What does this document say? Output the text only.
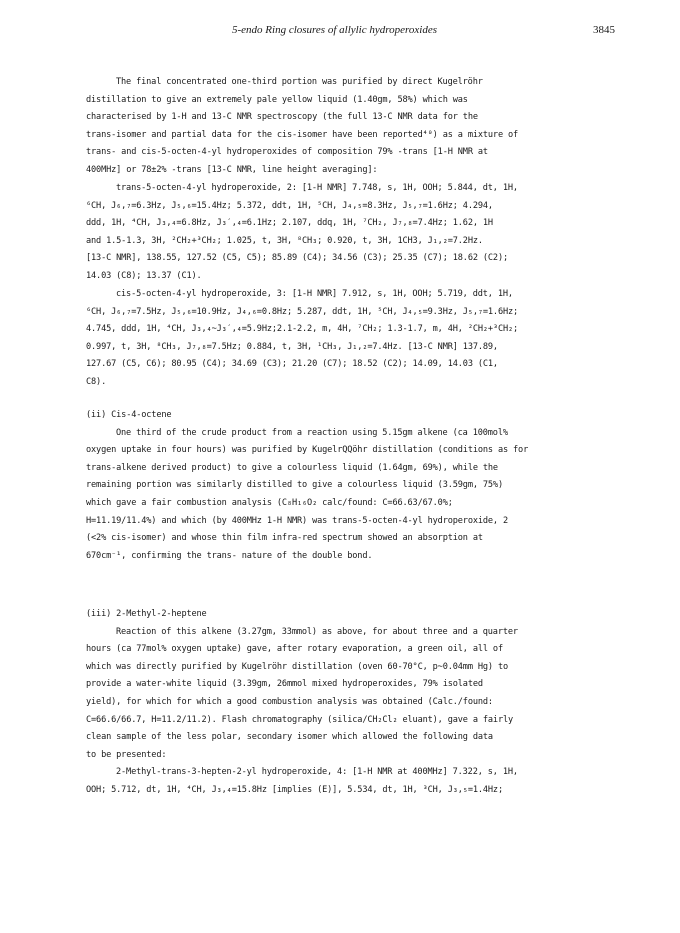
5-endo Ring closures of allylic hydroperoxides	3845
The final concentrated one-third portion was purified by direct Kugelröhr
distillation to give an extremely pale yellow liquid (1.40gm, 58%) which was
characterised by 1-H and 13-C NMR spectroscopy (the full 13-C NMR data for the
trans-isomer and partial data for the cis-isomer have been reported⁴⁰) as a mixture of
trans- and cis-5-octen-4-yl hydroperoxides of composition 79% -trans [1-H NMR at
400MHz] or 78±2% -trans [13-C NMR, line height averaging]:
trans-5-octen-4-yl hydroperoxide, 2: [1-H NMR] 7.748, s, 1H, OOH; 5.844, dt, 1H,
⁶CH, J₆,₇=6.3Hz, J₅,₆=15.4Hz; 5.372, ddt, 1H, ⁵CH, J₄,₅=8.3Hz, J₅,₇=1.6Hz; 4.294,
ddd, 1H, ⁴CH, J₃,₄=6.8Hz, J₃′,₄=6.1Hz; 2.107, ddq, 1H, ⁷CH₂, J₇,₈=7.4Hz; 1.62, 1H
and 1.5-1.3, 3H, ²CH₂+³CH₂; 1.025, t, 3H, ⁸CH₃; 0.920, t, 3H, 1CH3, J₁,₂=7.2Hz.
[13-C NMR], 138.55, 127.52 (C5, C5); 85.89 (C4); 34.56 (C3); 25.35 (C7); 18.62 (C2);
14.03 (C8); 13.37 (C1).
cis-5-octen-4-yl hydroperoxide, 3: [1-H NMR] 7.912, s, 1H, OOH; 5.719, ddt, 1H,
⁶CH, J₆,₇=7.5Hz, J₅,₆=10.9Hz, J₄,₆=0.8Hz; 5.287, ddt, 1H, ⁵CH, J₄,₅=9.3Hz, J₅,₇=1.6Hz;
4.745, ddd, 1H, ⁴CH, J₃,₄~J₃′,₄=5.9Hz;2.1-2.2, m, 4H, ⁷CH₂; 1.3-1.7, m, 4H, ²CH₂+³CH₂;
0.997, t, 3H, ⁸CH₃, J₇,₈=7.5Hz; 0.884, t, 3H, ¹CH₃, J₁,₂=7.4Hz. [13-C NMR] 137.89,
127.67 (C5, C6); 80.95 (C4); 34.69 (C3); 21.20 (C7); 18.52 (C2); 14.09, 14.03 (C1,
C8).
(ii) Cis-4-octene
One third of the crude product from a reaction using 5.15gm alkene (ca 100mol%
oxygen uptake in four hours) was purified by KugelrQQöhr distillation (conditions as for
trans-alkene derived product) to give a colourless liquid (1.64gm, 69%), while the
remaining portion was similarly distilled to give a colourless liquid (3.59gm, 75%)
which gave a fair combustion analysis (C₈H₁₆O₂ calc/found: C=66.63/67.0%;
H=11.19/11.4%) and which (by 400MHz 1-H NMR) was trans-5-octen-4-yl hydroperoxide, 2
(<2% cis-isomer) and whose thin film infra-red spectrum showed an absorption at
670cm⁻¹, confirming the trans- nature of the double bond.
(iii) 2-Methyl-2-heptene
Reaction of this alkene (3.27gm, 33mmol) as above, for about three and a quarter
hours (ca 77mol% oxygen uptake) gave, after rotary evaporation, a green oil, all of
which was directly purified by Kugelröhr distillation (oven 60-70°C, p~0.04mm Hg) to
provide a water-white liquid (3.39gm, 26mmol mixed hydroperoxides, 79% isolated
yield), for which for which a good combustion analysis was obtained (Calc./found:
C=66.6/66.7, H=11.2/11.2). Flash chromatography (silica/CH₂Cl₂ eluant), gave a fairly
clean sample of the less polar, secondary isomer which allowed the following data
to be presented:
2-Methyl-trans-3-hepten-2-yl hydroperoxide, 4: [1-H NMR at 400MHz] 7.322, s, 1H,
OOH; 5.712, dt, 1H, ⁴CH, J₃,₄=15.8Hz [implies (E)], 5.534, dt, 1H, ³CH, J₃,₅=1.4Hz;
